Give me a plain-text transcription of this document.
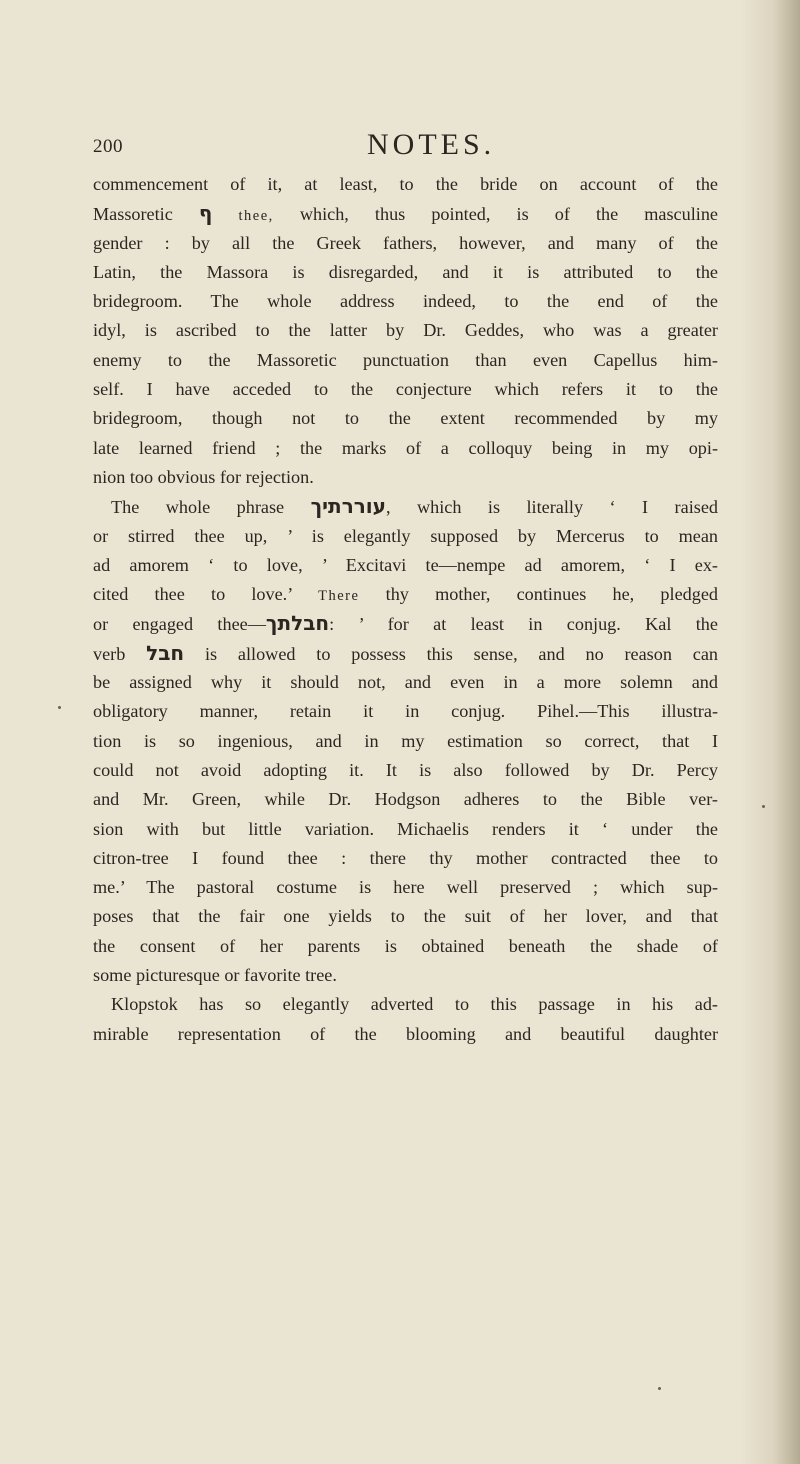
200	NOTES.
commencement of it, at least, to the bride on account of the
Massoretic ף thee, which, thus pointed, is of the masculine
gender : by all the Greek fathers, however, and many of the
Latin, the Massora is disregarded, and it is attributed to the
bridegroom. The whole address indeed, to the end of the
idyl, is ascribed to the latter by Dr. Geddes, who was a greater
enemy to the Massoretic punctuation than even Capellus him-
self. I have acceded to the conjecture which refers it to the
bridegroom, though not to the extent recommended by my
late learned friend ; the marks of a colloquy being in my opi-
nion too obvious for rejection.
The whole phrase עוררתיך, which is literally ‘ I raised
or stirred thee up, ’ is elegantly supposed by Mercerus to mean
ad amorem ‘ to love, ’ Excitavi te—nempe ad amorem, ‘ I ex-
cited thee to love.’ There thy mother, continues he, pledged
or engaged thee—חבלתך: ’ for at least in conjug. Kal the
verb חבל is allowed to possess this sense, and no reason can
be assigned why it should not, and even in a more solemn and
obligatory manner, retain it in conjug. Pihel.—This illustra-
tion is so ingenious, and in my estimation so correct, that I
could not avoid adopting it. It is also followed by Dr. Percy
and Mr. Green, while Dr. Hodgson adheres to the Bible ver-
sion with but little variation. Michaelis renders it ‘ under the
citron-tree I found thee : there thy mother contracted thee to
me.’ The pastoral costume is here well preserved ; which sup-
poses that the fair one yields to the suit of her lover, and that
the consent of her parents is obtained beneath the shade of
some picturesque or favorite tree.
Klopstok has so elegantly adverted to this passage in his ad-
mirable representation of the blooming and beautiful daughter
